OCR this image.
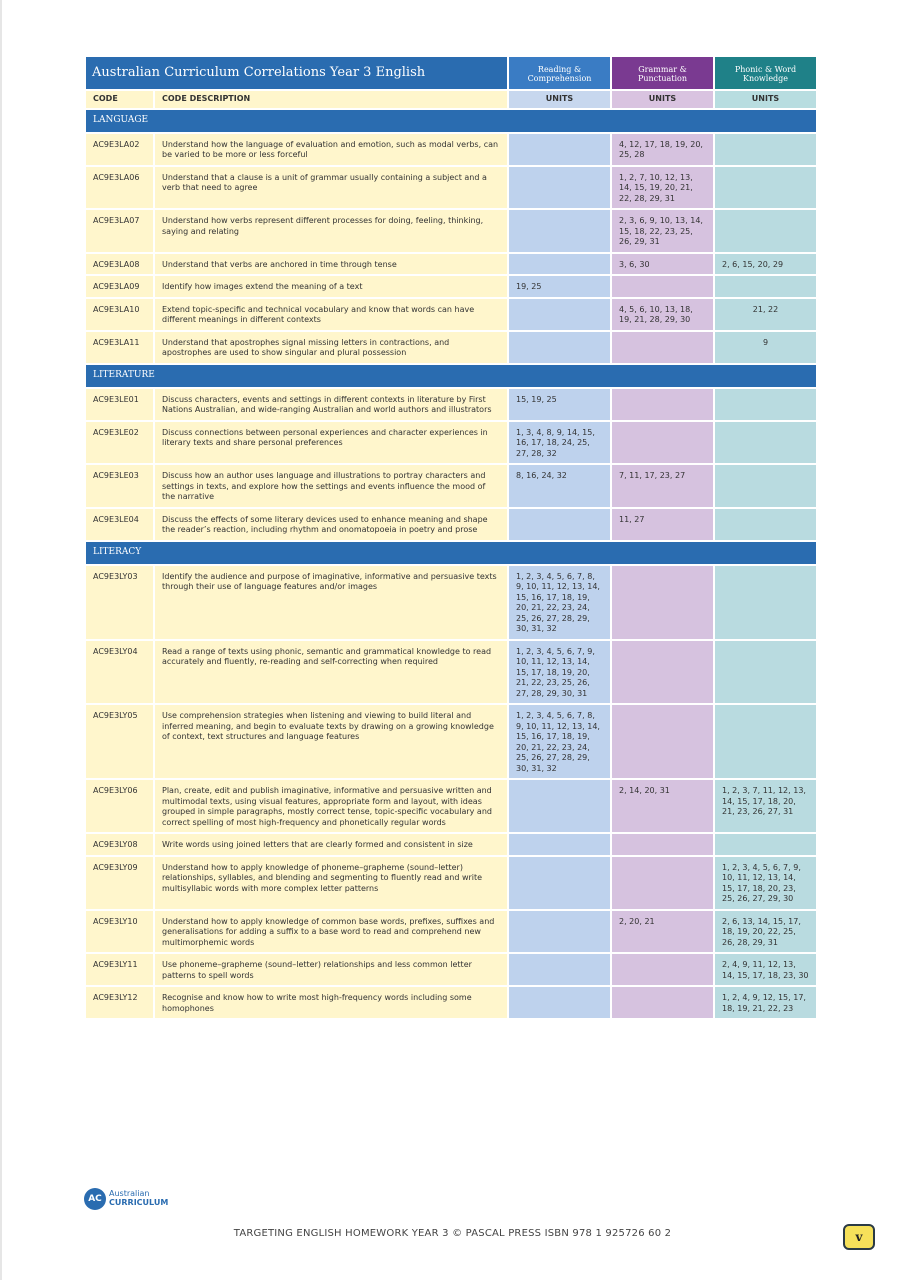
Australian Curriculum Correlations Year 3 English		Reading & Comprehension	Grammar & Punctuation	Phonic & Word Knowledge
CODE	CODE DESCRIPTION	UNITS	UNITS	UNITS
LANGUAGE				
AC9E3LA02	Understand how the language of evaluation and emotion, such as modal verbs, can be varied to be more or less forceful		4, 12, 17, 18, 19, 20, 25, 28	
AC9E3LA06	Understand that a clause is a unit of grammar usually containing a subject and a verb that need to agree		1, 2, 7, 10, 12, 13, 14, 15, 19, 20, 21, 22, 28, 29, 31	
AC9E3LA07	Understand how verbs represent different processes for doing, feeling, thinking, saying and relating		2, 3, 6, 9, 10, 13, 14, 15, 18, 22, 23, 25, 26, 29, 31	
AC9E3LA08	Understand that verbs are anchored in time through tense		3, 6, 30	2, 6, 15, 20, 29
AC9E3LA09	Identify how images extend the meaning of a text	19, 25		
AC9E3LA10	Extend topic-specific and technical vocabulary and know that words can have different meanings in different contexts		4, 5, 6, 10, 13, 18, 19, 21, 28, 29, 30	21, 22
AC9E3LA11	Understand that apostrophes signal missing letters in contractions, and apostrophes are used to show singular and plural possession			9
LITERATURE				
AC9E3LE01	Discuss characters, events and settings in different contexts in literature by First Nations Australian, and wide-ranging Australian and world authors and illustrators	15, 19, 25		
AC9E3LE02	Discuss connections between personal experiences and character experiences in literary texts and share personal preferences	1, 3, 4, 8, 9, 14, 15, 16, 17, 18, 24, 25, 27, 28, 32		
AC9E3LE03	Discuss how an author uses language and illustrations to portray characters and settings in texts, and explore how the settings and events influence the mood of the narrative	8, 16, 24, 32	7, 11, 17, 23, 27	
AC9E3LE04	Discuss the effects of some literary devices used to enhance meaning and shape the reader’s reaction, including rhythm and onomatopoeia in poetry and prose		11, 27	
LITERACY				
AC9E3LY03	Identify the audience and purpose of imaginative, informative and persuasive texts through their use of language features and/or images	1, 2, 3, 4, 5, 6, 7, 8, 9, 10, 11, 12, 13, 14, 15, 16, 17, 18, 19, 20, 21, 22, 23, 24, 25, 26, 27, 28, 29, 30, 31, 32		
AC9E3LY04	Read a range of texts using phonic, semantic and grammatical knowledge to read accurately and fluently, re-reading and self-correcting when required	1, 2, 3, 4, 5, 6, 7, 9, 10, 11, 12, 13, 14, 15, 17, 18, 19, 20, 21, 22, 23, 25, 26, 27, 28, 29, 30, 31		
AC9E3LY05	Use comprehension strategies when listening and viewing to build literal and inferred meaning, and begin to evaluate texts by drawing on a growing knowledge of context, text structures and language features	1, 2, 3, 4, 5, 6, 7, 8, 9, 10, 11, 12, 13, 14, 15, 16, 17, 18, 19, 20, 21, 22, 23, 24, 25, 26, 27, 28, 29, 30, 31, 32		
AC9E3LY06	Plan, create, edit and publish imaginative, informative and persuasive written and multimodal texts, using visual features, appropriate form and layout, with ideas grouped in simple paragraphs, mostly correct tense, topic-specific vocabulary and correct spelling of most high-frequency and phonetically regular words		2, 14, 20, 31	1, 2, 3, 7, 11, 12, 13, 14, 15, 17, 18, 20, 21, 23, 26, 27, 31
AC9E3LY08	Write words using joined letters that are clearly formed and consistent in size			
AC9E3LY09	Understand how to apply knowledge of phoneme–grapheme (sound–letter) relationships, syllables, and blending and segmenting to fluently read and write multisyllabic words with more complex letter patterns			1, 2, 3, 4, 5, 6, 7, 9, 10, 11, 12, 13, 14, 15, 17, 18, 20, 23, 25, 26, 27, 29, 30
AC9E3LY10	Understand how to apply knowledge of common base words, prefixes, suffixes and generalisations for adding a suffix to a base word to read and comprehend new multimorphemic words		2, 20, 21	2, 6, 13, 14, 15, 17, 18, 19, 20, 22, 25, 26, 28, 29, 31
AC9E3LY11	Use phoneme–grapheme (sound–letter) relationships and less common letter patterns to spell words			2, 4, 9, 11, 12, 13, 14, 15, 17, 18, 23, 30
AC9E3LY12	Recognise and know how to write most high-frequency words including some homophones			1, 2, 4, 9, 12, 15, 17, 18, 19, 21, 22, 23
AC
Australian
CURRICULUM
TARGETING ENGLISH HOMEWORK YEAR 3 © PASCAL PRESS ISBN 978 1 925726 60 2	v
